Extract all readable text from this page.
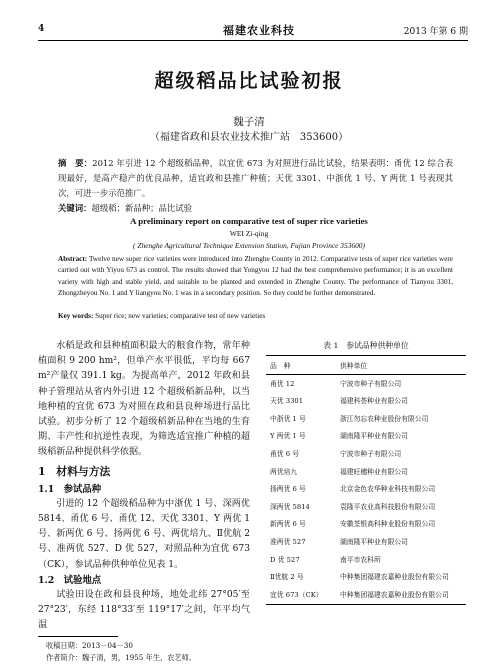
4	福建农业科技	2013 年第 6 期
超级稻品比试验初报
魏子清
（福建省政和县农业技术推广站　353600）
摘　要：2012 年引进 12 个超级稻品种，以宜优 673 为对照进行品比试验，结果表明：甬优 12 综合表现最好，是高产稳产的优良品种，适宜政和县推广种植；天优 3301、中浙优 1 号、Y 两优 1 号表现其次，可进一步示范推广。
关键词：超级稻；新品种；品比试验
A preliminary report on comparative test of super rice varieties
WEI Zi-qing
( Zhenghe Agricultural Technique Extension Station, Fujian Province 353600)
Abstract: Twelve new super rice varieties were introduced into Zhenghe County in 2012. Comparative tests of super rice varieties were carried out with Yiyou 673 as control. The results showed that Yongyou 12 had the best comprehensive performance; it is an excellent variety with high and stable yield, and suitable to be planted and extended in Zhenghe County. The performance of Tianyou 3301, Zhongzheyou No. 1 and Y liangyou No. 1 was in a secondary position. So they could be further demonstrated.
Key words: Super rice; new varieties; comparative test of new varieties

水稻是政和县种植面积最大的粮食作物，常年种植面积 9 200 hm²，但单产水平很低，平均每 667 m²产量仅 391.1 kg。为提高单产，2012 年政和县种子管理站从省内外引进 12 个超级稻新品种，以当地种植的宜优 673 为对照在政和县良种场进行品比试验。初步分析了 12 个超级稻新品种在当地的生育期、丰产性和抗逆性表现，为筛选适宜推广种植的超级稻新品种提供科学依据。

1　材料与方法
1.1　参试品种

引进的 12 个超级稻品种为中浙优 1 号、深两优 5814、甬优 6 号、甬优 12、天优 3301、Y 两优 1 号、新两优 6 号、扬两优 6 号、两优培九、Ⅱ优航 2 号、准两优 527、D 优 527，对照品种为宜优 673（CK），参试品种供种单位见表 1。

1.2　试验地点

试验田设在政和县良种场，地处北纬 27°05′至 27°23′，东经 118°33′至 119°17′之间，年平均气温

表 1　参试品种供种单位
品　种	供种单位
甬优 12	宁波市种子有限公司
天优 3301	福建科荟种业有限公司
中浙优 1 号	浙江勿忘农种业股份有限公司
Y 两优 1 号	湖南隆平种业有限公司
甬优 6 号	宁波市种子有限公司
两优培九	福建旺穗种业有限公司
扬两优 6 号	北京金色农华种业科技有限公司
深两优 5814	袁隆平农业高科技股份有限公司
新两优 6 号	安徽荃银高科种业股份有限公司
准两优 527	湖南隆平种业有限公司
D 优 527	南平市农科所
Ⅱ优航 2 号	中种集团福建农嘉种业股份有限公司
宜优 673（CK）	中种集团福建农嘉种业股份有限公司
收稿日期：2013－04－30
作者简介：魏子清，男，1955 年生，农艺师。
